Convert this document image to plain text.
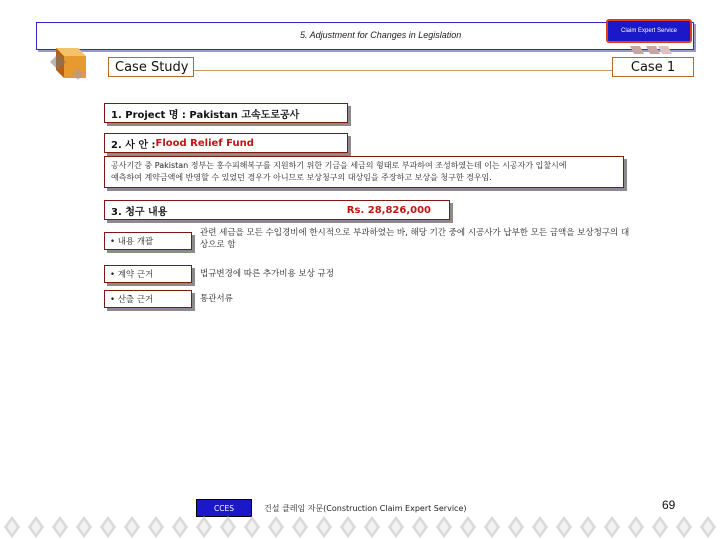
5. Adjustment for Changes in Legislation	Claim Expert Service
Case Study	Case 1
1. Project 명 : Pakistan 고속도로공사
2. 사 안 : Flood Relief Fund
공사기간 중 Pakistan 정부는 홍수피해복구를 지원하기 위한 기금을 세금의 형태로 부과하여 조성하였는데 이는 시공자가 입찰시에
예측하여 계약금액에 반영할 수 있었던 경우가 아니므로 보상청구의 대상임을 주장하고 보상을 청구한 경우임.
3. 청구 내용	Rs. 28,826,000
• 내용 개괄
관련 세금을 모든 수입경비에 한시적으로 부과하였는 바, 해당 기간 중에 시공사가 납부한 모든 금액을 보상청구의 대상으로 함
• 계약 근거	법규변경에 따른 추가비용 보상 규정
• 산출 근거	통관서류
CCES	건설 클레임 자문(Construction Claim Expert Service)	69
